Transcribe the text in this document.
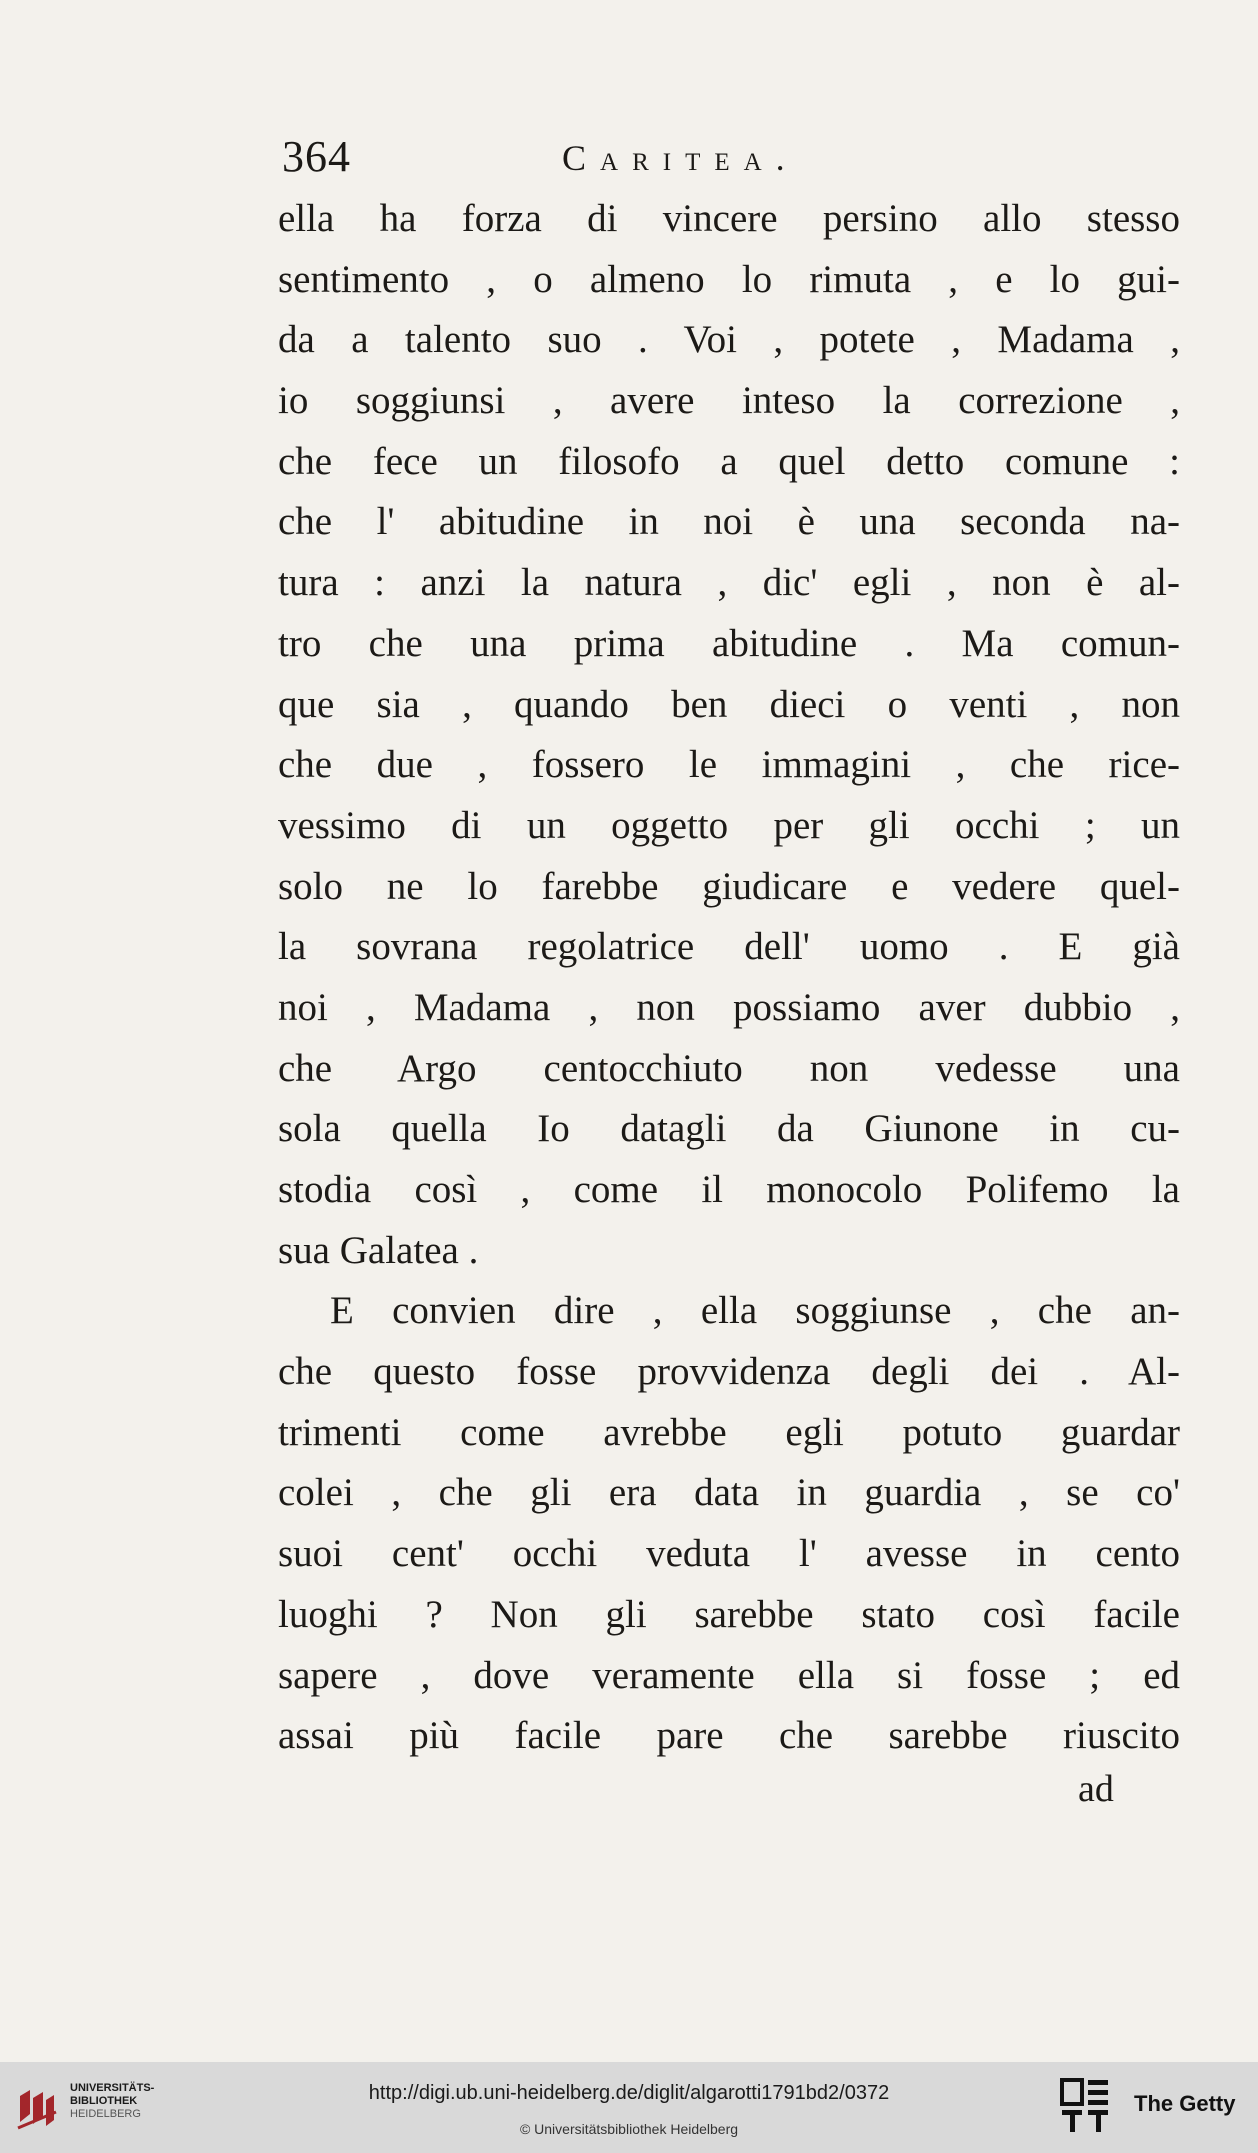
364	Caritea.
ella ha forza di vincere persino allo stesso
sentimento , o almeno lo rimuta , e lo gui-
da a talento suo . Voi , potete , Madama ,
io soggiunsi , avere inteso la correzione ,
che fece un filosofo a quel detto comune :
che l' abitudine in noi è una seconda na-
tura : anzi la natura , dic' egli , non è al-
tro che una prima abitudine . Ma comun-
que sia , quando ben dieci o venti , non
che due , fossero le immagini , che rice-
vessimo di un oggetto per gli occhi ; un
solo ne lo farebbe giudicare e vedere quel-
la sovrana regolatrice dell' uomo . E già
noi , Madama , non possiamo aver dubbio ,
che Argo centocchiuto non vedesse una
sola quella Io datagli da Giunone in cu-
stodia così , come il monocolo Polifemo la
sua Galatea .
E convien dire , ella soggiunse , che an-
che questo fosse provvidenza degli dei . Al-
trimenti come avrebbe egli potuto guardar
colei , che gli era data in guardia , se co'
suoi cent' occhi veduta l' avesse in cento
luoghi ? Non gli sarebbe stato così facile
sapere , dove veramente ella si fosse ; ed
assai più facile pare che sarebbe riuscito
ad
UNIVERSITÄTS-
BIBLIOTHEK
HEIDELBERG
http://digi.ub.uni-heidelberg.de/diglit/algarotti1791bd2/0372
© Universitätsbibliothek Heidelberg
The Getty
